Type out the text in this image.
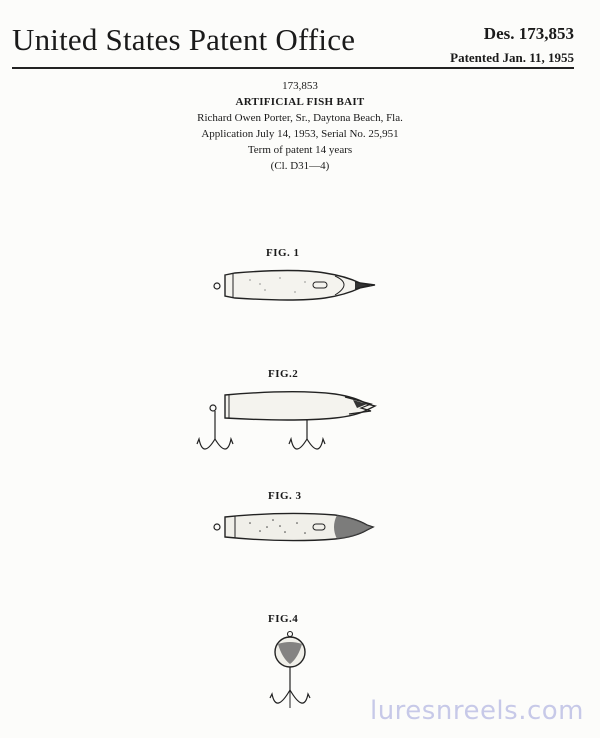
United States Patent Office	Des. 173,853
Patented Jan. 11, 1955
173,853
ARTIFICIAL FISH BAIT
Richard Owen Porter, Sr., Daytona Beach, Fla.
Application July 14, 1953, Serial No. 25,951
Term of patent 14 years
(Cl. D31—4)
FIG. 1
FIG.2
FIG. 3
FIG.4
luresnreels.com
